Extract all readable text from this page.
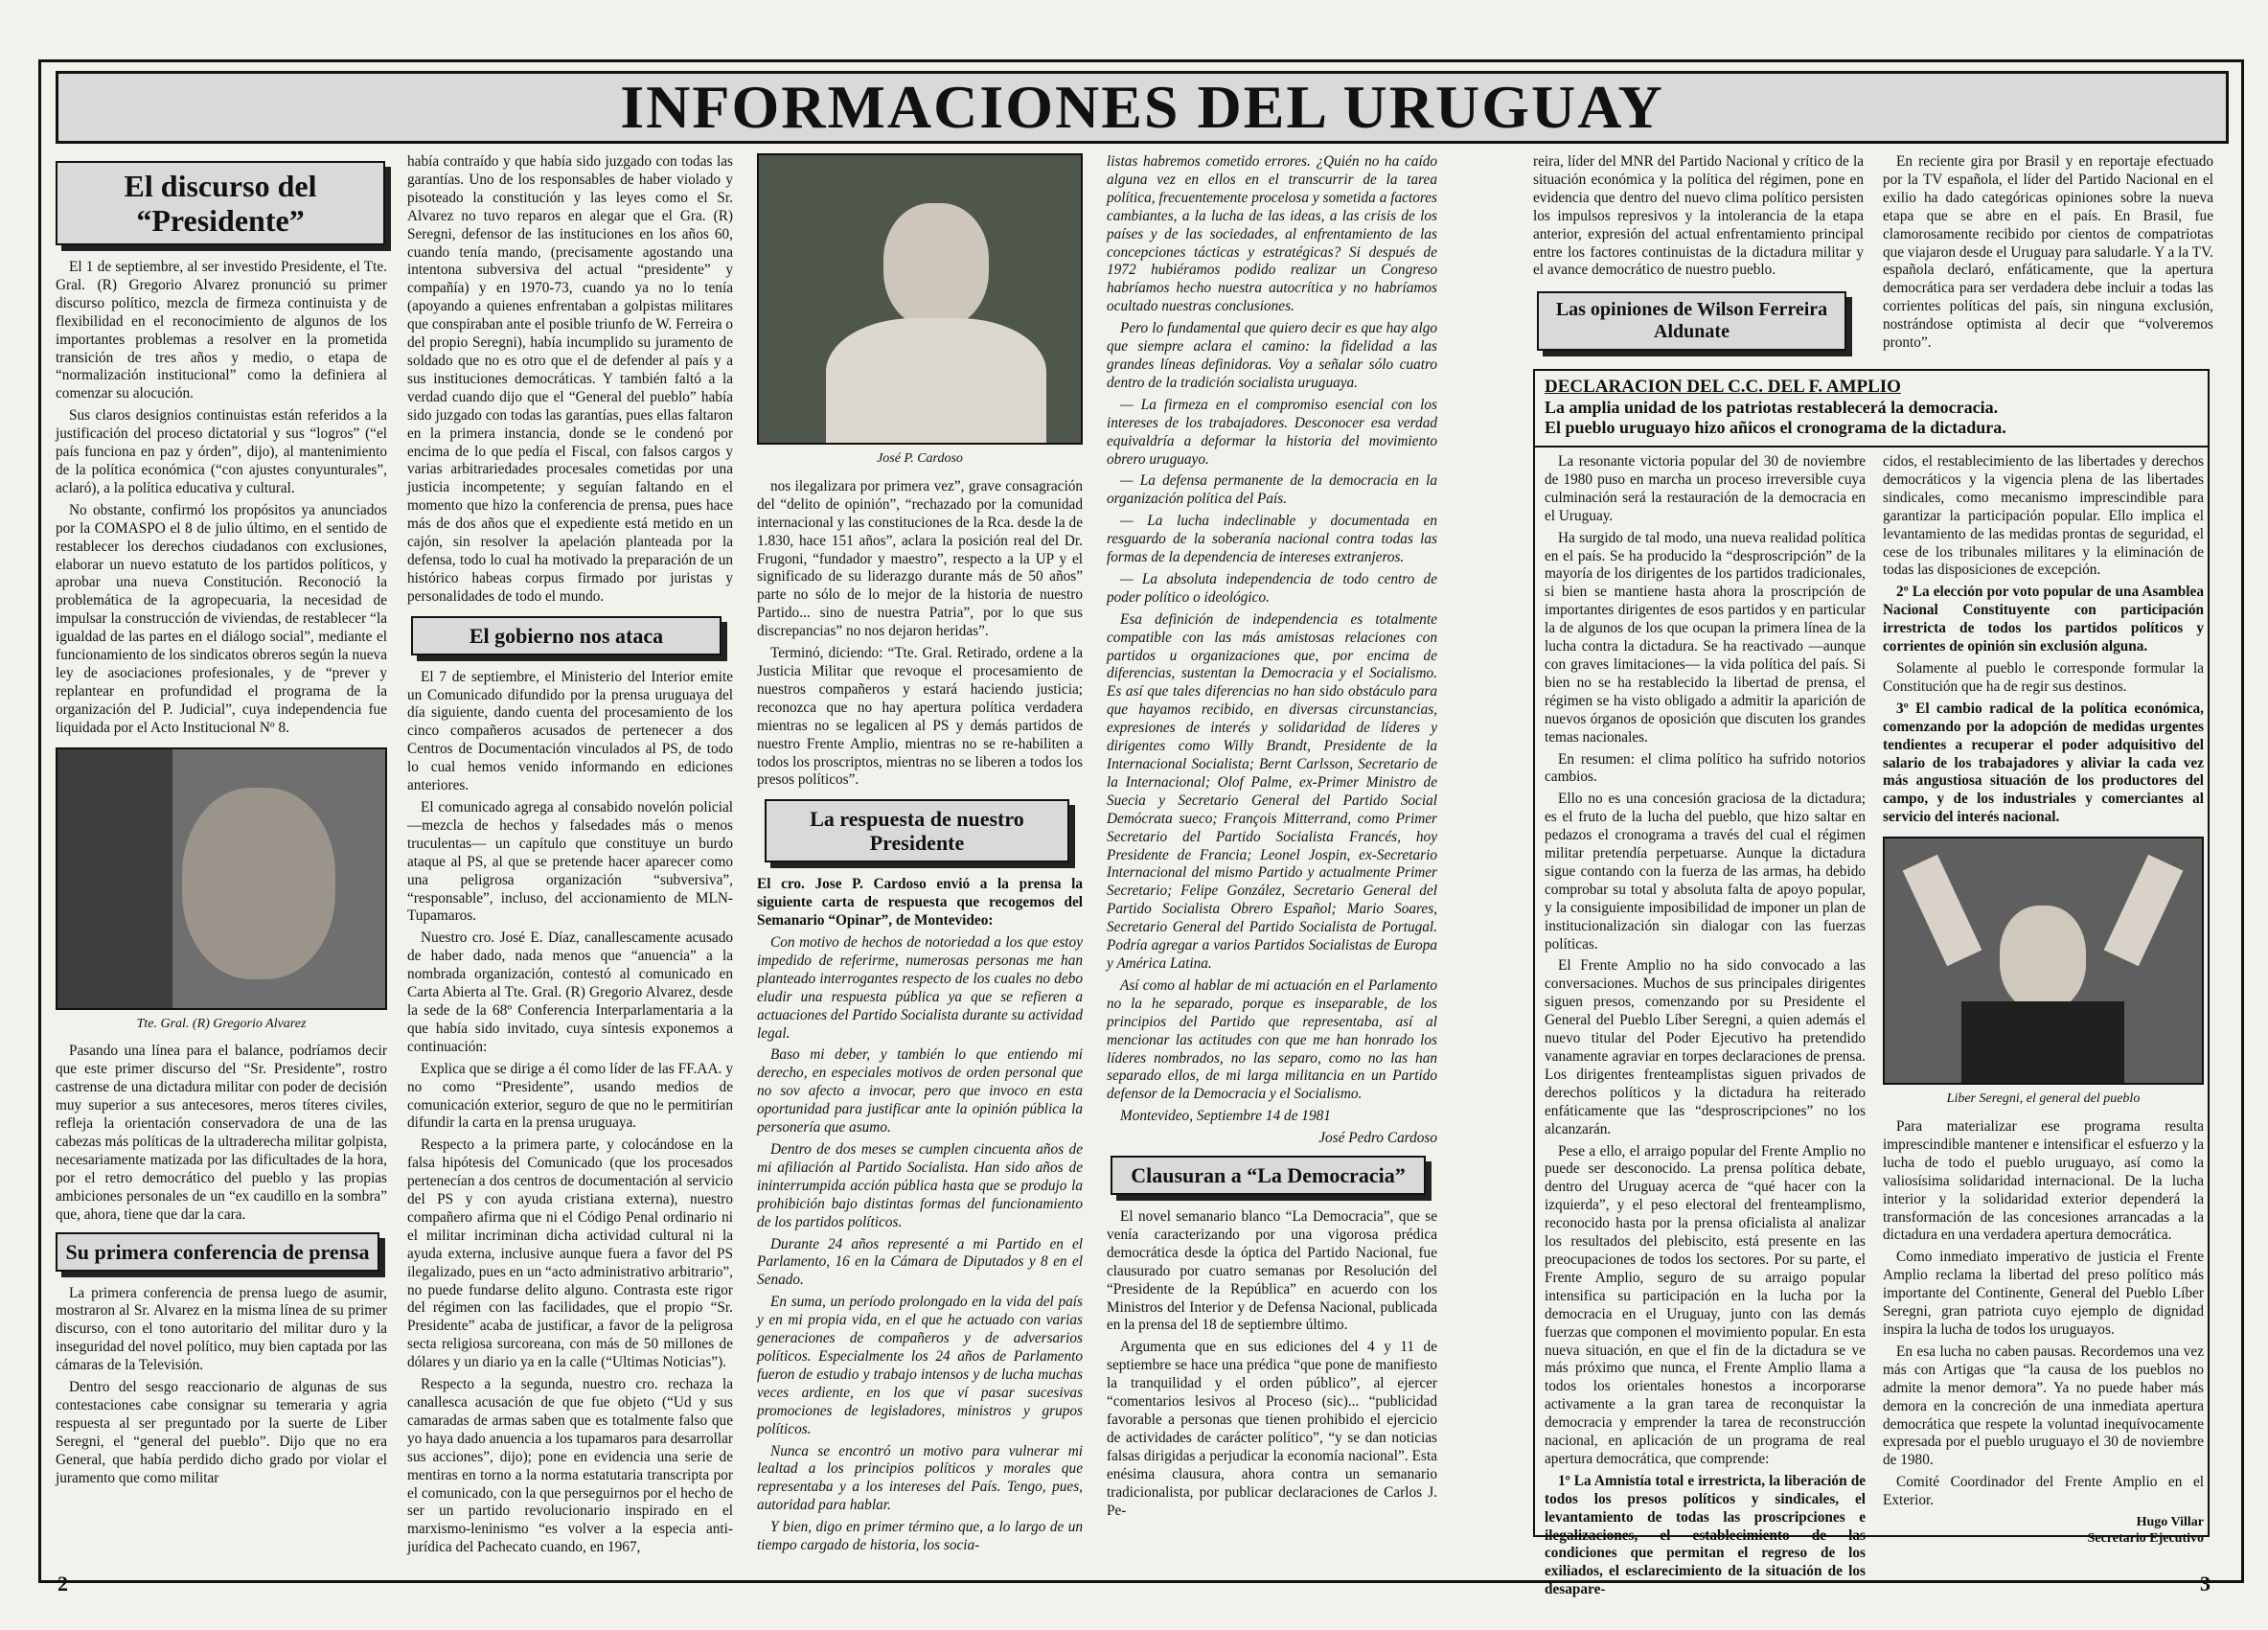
INFORMACIONES DEL URUGUAY
El discurso del “Presidente”

El 1 de septiembre, al ser investido Presidente, el Tte. Gral. (R) Gregorio Alvarez pronunció su primer discurso político, mezcla de firmeza continuista y de flexibilidad en el reconocimiento de algunos de los importantes problemas a resolver en la prometida transición de tres años y medio, o etapa de “normalización institucional” como la definiera al comenzar su alocución.

Sus claros designios continuistas están referidos a la justificación del proceso dictatorial y sus “logros” (“el país funciona en paz y órden”, dijo), al mantenimiento de la política económica (“con ajustes conyunturales”, aclaró), a la política educativa y cultural.

No obstante, confirmó los propósitos ya anunciados por la COMASPO el 8 de julio último, en el sentido de restablecer los derechos ciudadanos con exclusiones, elaborar un nuevo estatuto de los partidos políticos, y aprobar una nueva Constitución. Reconoció la problemática de la agropecuaria, la necesidad de impulsar la construcción de viviendas, de restablecer “la igualdad de las partes en el diálogo social”, mediante el funcionamiento de los sindicatos obreros según la nueva ley de asociaciones profesionales, y de “prever y replantear en profundidad el programa de la organización del P. Judicial”, cuya independencia fue liquidada por el Acto Institucional Nº 8.

Tte. Gral. (R) Gregorio Alvarez

Pasando una línea para el balance, podríamos decir que este primer discurso del “Sr. Presidente”, rostro castrense de una dictadura militar con poder de decisión muy superior a sus antecesores, meros títeres civiles, refleja la orientación conservadora de una de las cabezas más políticas de la ultraderecha militar golpista, necesariamente matizada por las dificultades de la hora, por el retro democrático del pueblo y las propias ambiciones personales de un “ex caudillo en la sombra” que, ahora, tiene que dar la cara.

Su primera conferencia de prensa

La primera conferencia de prensa luego de asumir, mostraron al Sr. Alvarez en la misma línea de su primer discurso, con el tono autoritario del militar duro y la inseguridad del novel político, muy bien captada por las cámaras de la Televisión.

Dentro del sesgo reaccionario de algunas de sus contestaciones cabe consignar su temeraria y agria respuesta al ser preguntado por la suerte de Liber Seregni, el “general del pueblo”. Dijo que no era General, que había perdido dicho grado por violar el juramento que como militar

había contraído y que había sido juzgado con todas las garantías. Uno de los responsables de haber violado y pisoteado la constitución y las leyes como el Sr. Alvarez no tuvo reparos en alegar que el Gra. (R) Seregni, defensor de las instituciones en los años 60, cuando tenía mando, (precisamente agostando una intentona subversiva del actual “presidente” y compañía) y en 1970-73, cuando ya no lo tenía (apoyando a quienes enfrentaban a golpistas militares que conspiraban ante el posible triunfo de W. Ferreira o del propio Seregni), había incumplido su juramento de soldado que no es otro que el de defender al país y a sus instituciones democráticas. Y también faltó a la verdad cuando dijo que el “General del pueblo” había sido juzgado con todas las garantías, pues ellas faltaron en la primera instancia, donde se le condenó por encima de lo que pedía el Fiscal, con falsos cargos y varias arbitrariedades procesales cometidas por una justicia incompetente; y seguían faltando en el momento que hizo la conferencia de prensa, pues hace más de dos años que el expediente está metido en un cajón, sin resolver la apelación planteada por la defensa, todo lo cual ha motivado la preparación de un histórico habeas corpus firmado por juristas y personalidades de todo el mundo.

El gobierno nos ataca

El 7 de septiembre, el Ministerio del Interior emite un Comunicado difundido por la prensa uruguaya del día siguiente, dando cuenta del procesamiento de los cinco compañeros acusados de pertenecer a dos Centros de Documentación vinculados al PS, de todo lo cual hemos venido informando en ediciones anteriores.

El comunicado agrega al consabido novelón policial —mezcla de hechos y falsedades más o menos truculentas— un capítulo que constituye un burdo ataque al PS, al que se pretende hacer aparecer como una peligrosa organización “subversiva”, “responsable”, incluso, del accionamiento de MLN-Tupamaros.

Nuestro cro. José E. Díaz, canallescamente acusado de haber dado, nada menos que “anuencia” a la nombrada organización, contestó al comunicado en Carta Abierta al Tte. Gral. (R) Gregorio Alvarez, desde la sede de la 68º Conferencia Interparlamentaria a la que había sido invitado, cuya síntesis exponemos a continuación:

Explica que se dirige a él como líder de las FF.AA. y no como “Presidente”, usando medios de comunicación exterior, seguro de que no le permitirían difundir la carta en la prensa uruguaya.

Respecto a la primera parte, y colocándose en la falsa hipótesis del Comunicado (que los procesados pertenecían a dos centros de documentación al servicio del PS y con ayuda cristiana externa), nuestro compañero afirma que ni el Código Penal ordinario ni el militar incriminan dicha actividad cultural ni la ayuda externa, inclusive aunque fuera a favor del PS ilegalizado, pues en un “acto administrativo arbitrario”, no puede fundarse delito alguno. Contrasta este rigor del régimen con las facilidades, que el propio “Sr. Presidente” acaba de justificar, a favor de la peligrosa secta religiosa surcoreana, con más de 50 millones de dólares y un diario ya en la calle (“Ultimas Noticias”).

Respecto a la segunda, nuestro cro. rechaza la canallesca acusación de que fue objeto (“Ud y sus camaradas de armas saben que es totalmente falso que yo haya dado anuencia a los tupamaros para desarrollar sus acciones”, dijo); pone en evidencia una serie de mentiras en torno a la norma estatutaria transcripta por el comunicado, con la que perseguirnos por el hecho de ser un partido revolucionario inspirado en el marxismo-leninismo “es volver a la especia anti-jurídica del Pachecato cuando, en 1967,

José P. Cardoso

nos ilegalizara por primera vez”, grave consagración del “delito de opinión”, “rechazado por la comunidad internacional y las constituciones de la Rca. desde la de 1.830, hace 151 años”, aclara la posición real del Dr. Frugoni, “fundador y maestro”, respecto a la UP y el significado de su liderazgo durante más de 50 años” parte no sólo de lo mejor de la historia de nuestro Partido... sino de nuestra Patria”, por lo que sus discrepancias” no nos dejaron heridas”.

Terminó, diciendo: “Tte. Gral. Retirado, ordene a la Justicia Militar que revoque el procesamiento de nuestros compañeros y estará haciendo justicia; reconozca que no hay apertura política verdadera mientras no se legalicen al PS y demás partidos de nuestro Frente Amplio, mientras no se re-habiliten a todos los proscriptos, mientras no se liberen a todos los presos políticos”.

La respuesta de nuestro Presidente

El cro. Jose P. Cardoso envió a la prensa la siguiente carta de respuesta que recogemos del Semanario “Opinar”, de Montevideo:

Con motivo de hechos de notoriedad a los que estoy impedido de referirme, numerosas personas me han planteado interrogantes respecto de los cuales no debo eludir una respuesta pública ya que se refieren a actuaciones del Partido Socialista durante su actividad legal.

Baso mi deber, y también lo que entiendo mi derecho, en especiales motivos de orden personal que no sov afecto a invocar, pero que invoco en esta oportunidad para justificar ante la opinión pública la personería que asumo.

Dentro de dos meses se cumplen cincuenta años de mi afiliación al Partido Socialista. Han sido años de ininterrumpida acción pública hasta que se produjo la prohibición bajo distintas formas del funcionamiento de los partidos políticos.

Durante 24 años representé a mi Partido en el Parlamento, 16 en la Cámara de Diputados y 8 en el Senado.

En suma, un período prolongado en la vida del país y en mi propia vida, en el que he actuado con varias generaciones de compañeros y de adversarios políticos. Especialmente los 24 años de Parlamento fueron de estudio y trabajo intensos y de lucha muchas veces ardiente, en los que ví pasar sucesivas promociones de legisladores, ministros y grupos políticos.

Nunca se encontró un motivo para vulnerar mi lealtad a los principios políticos y morales que representaba y a los intereses del País. Tengo, pues, autoridad para hablar.

Y bien, digo en primer término que, a lo largo de un tiempo cargado de historia, los socia-

listas habremos cometido errores. ¿Quién no ha caído alguna vez en ellos en el transcurrir de la tarea política, frecuentemente procelosa y sometida a factores cambiantes, a la lucha de las ideas, a las crisis de los países y de las sociedades, al enfrentamiento de las concepciones tácticas y estratégicas? Si después de 1972 hubiéramos podido realizar un Congreso habríamos hecho nuestra autocrítica y no habríamos ocultado nuestras conclusiones.

Pero lo fundamental que quiero decir es que hay algo que siempre aclara el camino: la fidelidad a las grandes líneas definidoras. Voy a señalar sólo cuatro dentro de la tradición socialista uruguaya.

— La firmeza en el compromiso esencial con los intereses de los trabajadores. Desconocer esa verdad equivaldría a deformar la historia del movimiento obrero uruguayo.

— La defensa permanente de la democracia en la organización política del País.

— La lucha indeclinable y documentada en resguardo de la soberanía nacional contra todas las formas de la dependencia de intereses extranjeros.

— La absoluta independencia de todo centro de poder político o ideológico.

Esa definición de independencia es totalmente compatible con las más amistosas relaciones con partidos u organizaciones que, por encima de diferencias, sustentan la Democracia y el Socialismo. Es así que tales diferencias no han sido obstáculo para que hayamos recibido, en diversas circunstancias, expresiones de interés y solidaridad de líderes y dirigentes como Willy Brandt, Presidente de la Internacional Socialista; Bernt Carlsson, Secretario de la Internacional; Olof Palme, ex-Primer Ministro de Suecia y Secretario General del Partido Social Demócrata sueco; François Mitterrand, como Primer Secretario del Partido Socialista Francés, hoy Presidente de Francia; Leonel Jospin, ex-Secretario Internacional del mismo Partido y actualmente Primer Secretario; Felipe González, Secretario General del Partido Socialista Obrero Español; Mario Soares, Secretario General del Partido Socialista de Portugal. Podría agregar a varios Partidos Socialistas de Europa y América Latina.

Así como al hablar de mi actuación en el Parlamento no la he separado, porque es inseparable, de los principios del Partido que representaba, así al mencionar las actitudes con que me han honrado los líderes nombrados, no las separo, como no las han separado ellos, de mi larga militancia en un Partido defensor de la Democracia y el Socialismo.

Montevideo, Septiembre 14 de 1981

José Pedro Cardoso
Clausuran a “La Democracia”

El novel semanario blanco “La Democracia”, que se venía caracterizando por una vigorosa prédica democrática desde la óptica del Partido Nacional, fue clausurado por cuatro semanas por Resolución del “Presidente de la República” en acuerdo con los Ministros del Interior y de Defensa Nacional, publicada en la prensa del 18 de septiembre último.

Argumenta que en sus ediciones del 4 y 11 de septiembre se hace una prédica “que pone de manifiesto la tranquilidad y el orden público”, al ejercer “comentarios lesivos al Proceso (sic)... “publicidad favorable a personas que tienen prohibido el ejercicio de actividades de carácter político”, “y se dan noticias falsas dirigidas a perjudicar la economía nacional”. Esta enésima clausura, ahora contra un semanario tradicionalista, por publicar declaraciones de Carlos J. Pe-

reira, líder del MNR del Partido Nacional y crítico de la situación económica y la política del régimen, pone en evidencia que dentro del nuevo clima político persisten los impulsos represivos y la intolerancia de la etapa anterior, expresión del actual enfrentamiento principal entre los factores continuistas de la dictadura militar y el avance democrático de nuestro pueblo.

Las opiniones de Wilson Ferreira Aldunate

En reciente gira por Brasil y en reportaje efectuado por la TV española, el líder del Partido Nacional en el exilio ha dado categóricas opiniones sobre la nueva etapa que se abre en el país. En Brasil, fue clamorosamente recibido por cientos de compatriotas que viajaron desde el Uruguay para saludarle. Y a la TV. española declaró, enfáticamente, que la apertura democrática para ser verdadera debe incluir a todas las corrientes políticas del país, sin ninguna exclusión, nostrándose optimista al decir que “volveremos pronto”.

DECLARACION DEL C.C. DEL F. AMPLIO
La amplia unidad de los patriotas restablecerá la democracia.
El pueblo uruguayo hizo añicos el cronograma de la dictadura.

La resonante victoria popular del 30 de noviembre de 1980 puso en marcha un proceso irreversible cuya culminación será la restauración de la democracia en el Uruguay.

Ha surgido de tal modo, una nueva realidad política en el país. Se ha producido la “desproscripción” de la mayoría de los dirigentes de los partidos tradicionales, si bien se mantiene hasta ahora la proscripción de importantes dirigentes de esos partidos y en particular la de algunos de los que ocupan la primera línea de la lucha contra la dictadura. Se ha reactivado —aunque con graves limitaciones— la vida política del país. Si bien no se ha restablecido la libertad de prensa, el régimen se ha visto obligado a admitir la aparición de nuevos órganos de oposición que discuten los grandes temas nacionales.

En resumen: el clima político ha sufrido notorios cambios.

Ello no es una concesión graciosa de la dictadura; es el fruto de la lucha del pueblo, que hizo saltar en pedazos el cronograma a través del cual el régimen militar pretendía perpetuarse. Aunque la dictadura sigue contando con la fuerza de las armas, ha debido comprobar su total y absoluta falta de apoyo popular, y la consiguiente imposibilidad de imponer un plan de institucionalización sin dialogar con las fuerzas políticas.

El Frente Amplio no ha sido convocado a las conversaciones. Muchos de sus principales dirigentes siguen presos, comenzando por su Presidente el General del Pueblo Líber Seregni, a quien además el nuevo titular del Poder Ejecutivo ha pretendido vanamente agraviar en torpes declaraciones de prensa. Los dirigentes frenteamplistas siguen privados de derechos políticos y la dictadura ha reiterado enfáticamente que las “desproscripciones” no los alcanzarán.

Pese a ello, el arraigo popular del Frente Amplio no puede ser desconocido. La prensa política debate, dentro del Uruguay acerca de “qué hacer con la izquierda”, y el peso electoral del frenteamplismo, reconocido hasta por la prensa oficialista al analizar los resultados del plebiscito, está presente en las preocupaciones de todos los sectores. Por su parte, el Frente Amplio, seguro de su arraigo popular intensifica su participación en la lucha por la democracia en el Uruguay, junto con las demás fuerzas que componen el movimiento popular. En esta nueva situación, en que el fin de la dictadura se ve más próximo que nunca, el Frente Amplio llama a todos los orientales honestos a incorporarse activamente a la gran tarea de reconquistar la democracia y emprender la tarea de reconstrucción nacional, en aplicación de un programa de real apertura democrática, que comprende:

1º La Amnistía total e irrestricta, la liberación de todos los presos políticos y sindicales, el levantamiento de todas las proscripciones e ilegalizaciones, el establecimiento de las condiciones que permitan el regreso de los exiliados, el esclarecimiento de la situación de los desapare-

cidos, el restablecimiento de las libertades y derechos democráticos y la vigencia plena de las libertades sindicales, como mecanismo imprescindible para garantizar la participación popular. Ello implica el levantamiento de las medidas prontas de seguridad, el cese de los tribunales militares y la eliminación de todas las disposiciones de excepción.

2º La elección por voto popular de una Asamblea Nacional Constituyente con participación irrestricta de todos los partidos políticos y corrientes de opinión sin exclusión alguna.

Solamente al pueblo le corresponde formular la Constitución que ha de regir sus destinos.

3º El cambio radical de la política económica, comenzando por la adopción de medidas urgentes tendientes a recuperar el poder adquisitivo del salario de los trabajadores y aliviar la cada vez más angustiosa situación de los productores del campo, y de los industriales y comerciantes al servicio del interés nacional.

Liber Seregni, el general del pueblo

Para materializar ese programa resulta imprescindible mantener e intensificar el esfuerzo y la lucha de todo el pueblo uruguayo, así como la valiosísima solidaridad internacional. De la lucha interior y la solidaridad exterior dependerá la transformación de las concesiones arrancadas a la dictadura en una verdadera apertura democrática.

Como inmediato imperativo de justicia el Frente Amplio reclama la libertad del preso político más importante del Continente, General del Pueblo Líber Seregni, gran patriota cuyo ejemplo de dignidad inspira la lucha de todos los uruguayos.

En esa lucha no caben pausas. Recordemos una vez más con Artigas que “la causa de los pueblos no admite la menor demora”. Ya no puede haber más demora en la concreción de una inmediata apertura democrática que respete la voluntad inequívocamente expresada por el pueblo uruguayo el 30 de noviembre de 1980.

Comité Coordinador del Frente Amplio en el Exterior.

Hugo Villar
Secretario Ejecutivo
2	3
